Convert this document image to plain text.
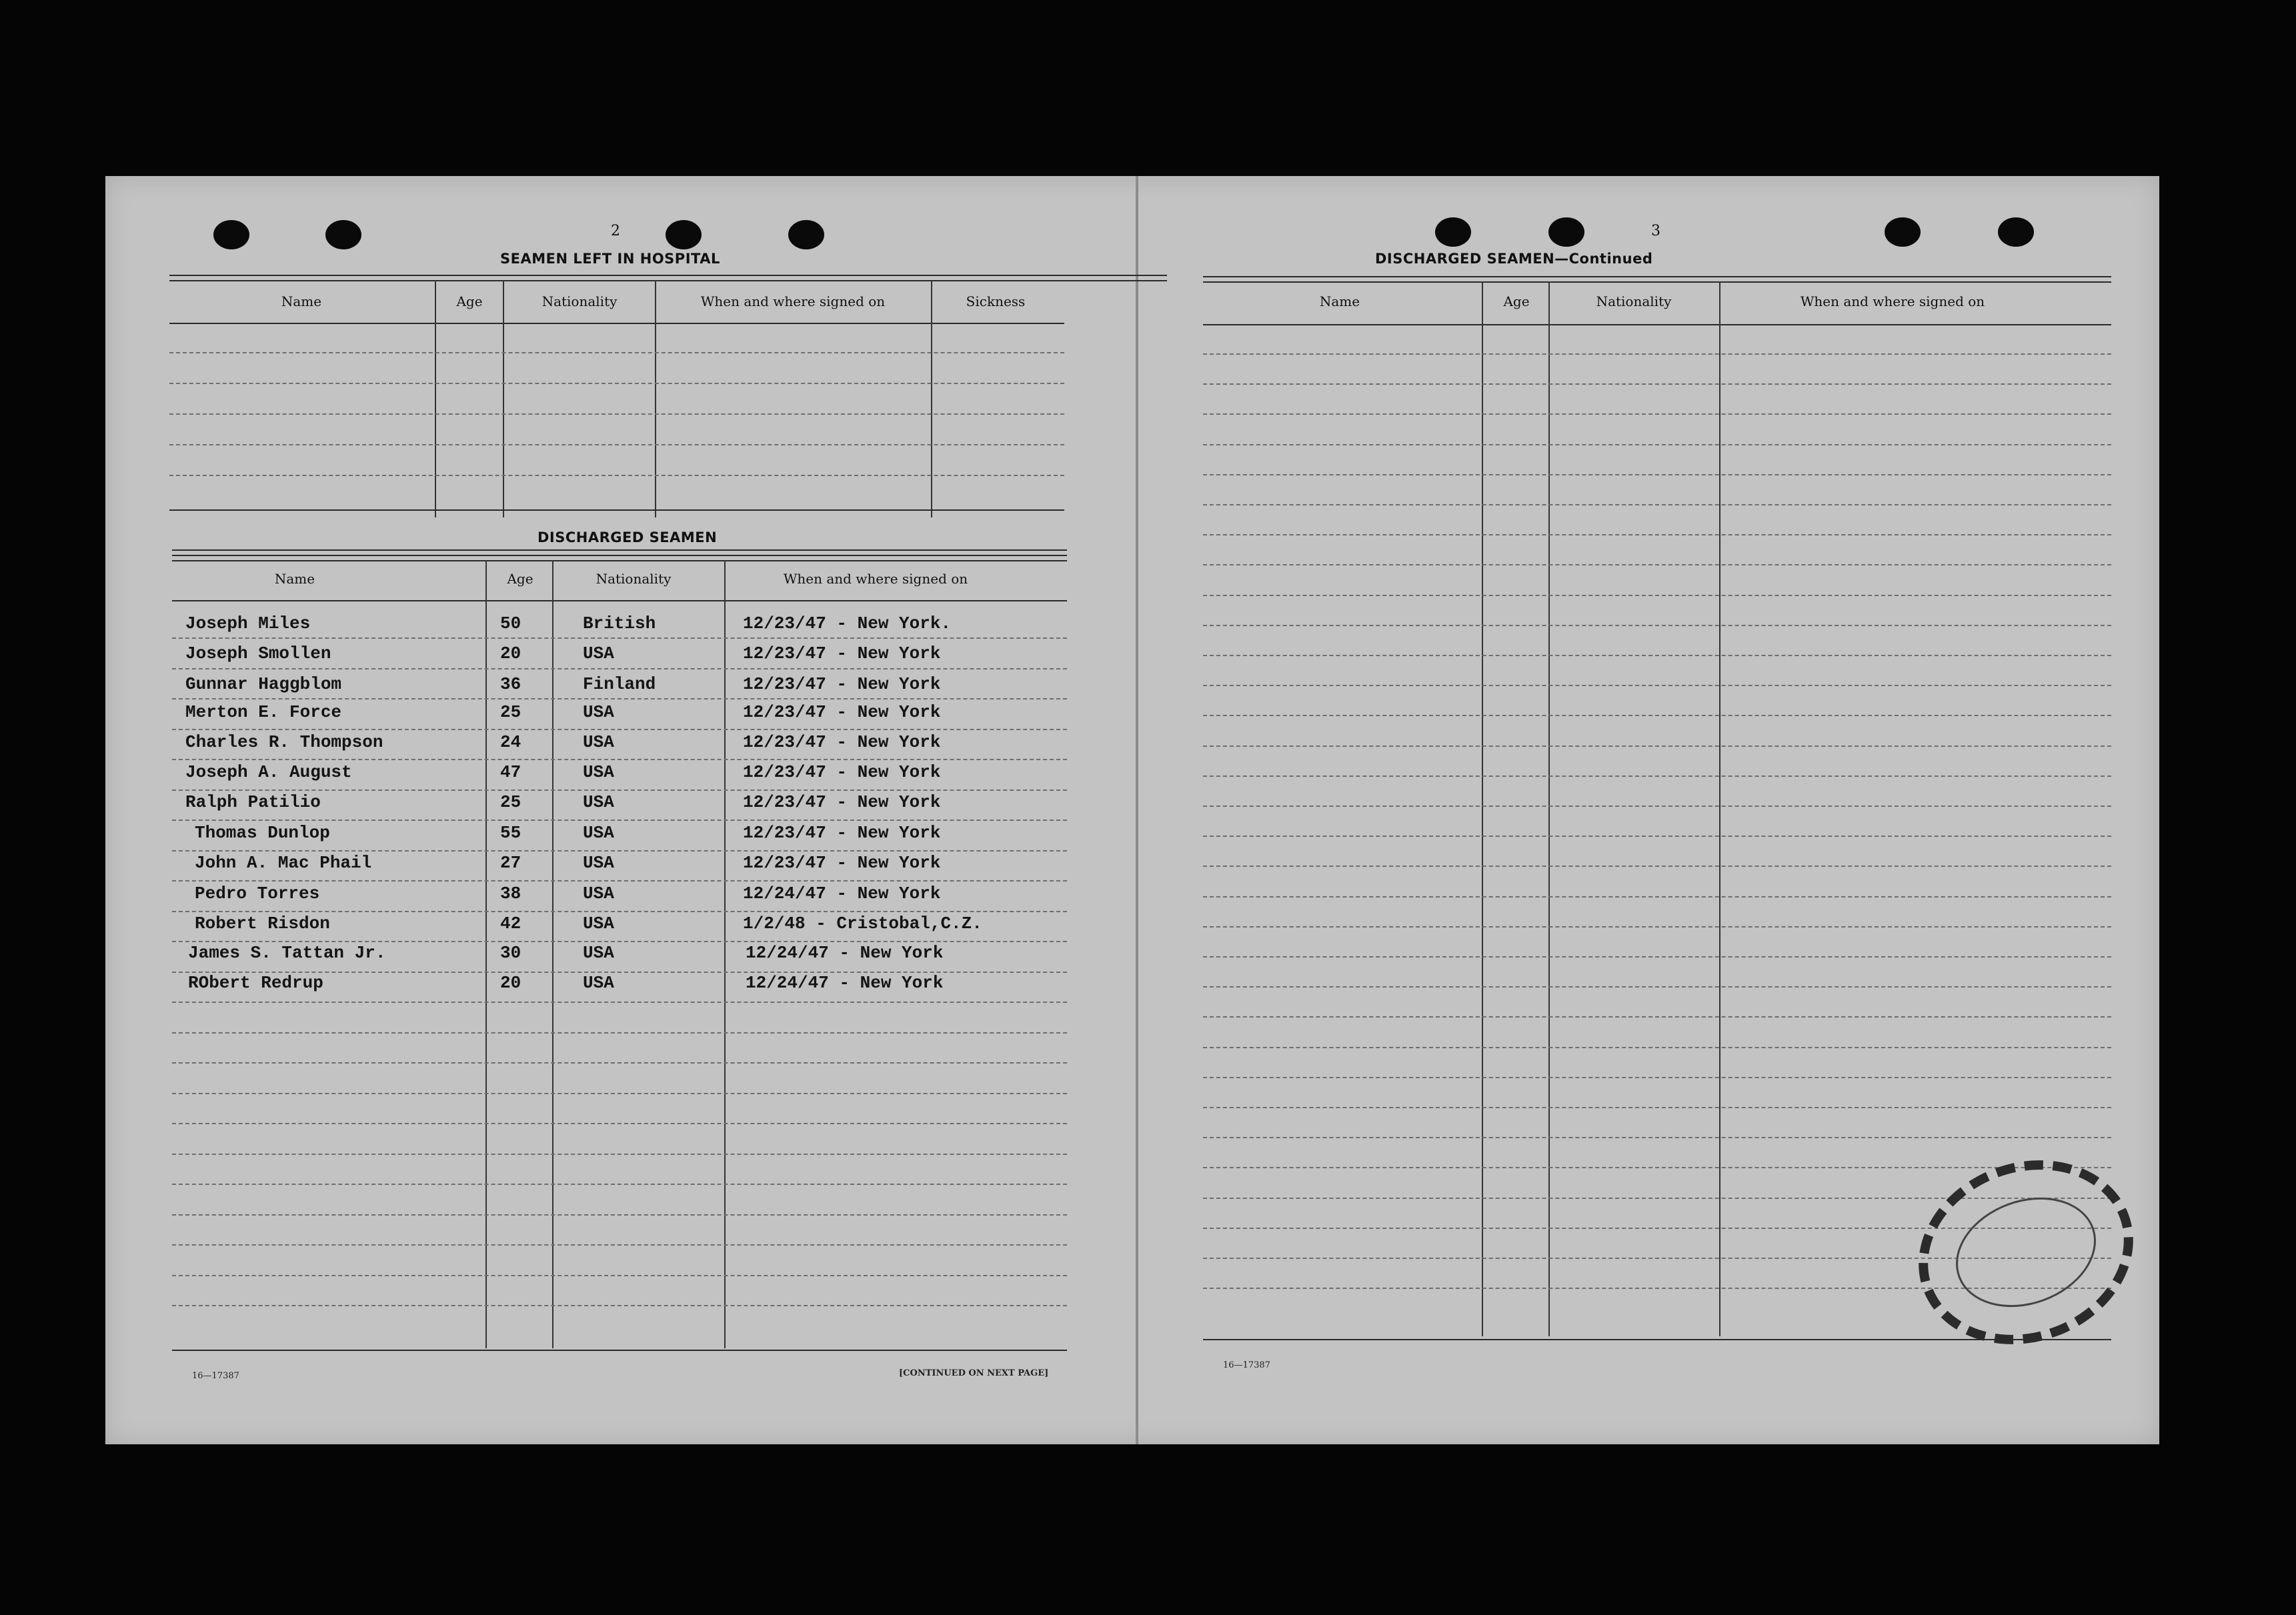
2
SEAMEN LEFT IN HOSPITAL
Name	Age	Nationality	When and where signed on	Sickness
DISCHARGED SEAMEN
Name	Age	Nationality	When and where signed on
Joseph Miles	50	British	12/23/47 - New York.
Joseph Smollen	20	USA	12/23/47 - New York
Gunnar Haggblom	36	Finland	12/23/47 - New York
Merton E. Force	25	USA	12/23/47 - New York
Charles R. Thompson	24	USA	12/23/47 - New York
Joseph A. August	47	USA	12/23/47 - New York
Ralph Patilio	25	USA	12/23/47 - New York
Thomas Dunlop	55	USA	12/23/47 - New York
John A. Mac Phail	27	USA	12/23/47 - New York
Pedro Torres	38	USA	12/24/47 - New York
Robert Risdon	42	USA	1/2/48 - Cristobal,C.Z.
James S. Tattan Jr.	30	USA	12/24/47 - New York
RObert Redrup	20	USA	12/24/47 - New York
16—17387	[CONTINUED ON NEXT PAGE]
3
DISCHARGED SEAMEN—Continued
Name	Age	Nationality	When and where signed on
16—17387
